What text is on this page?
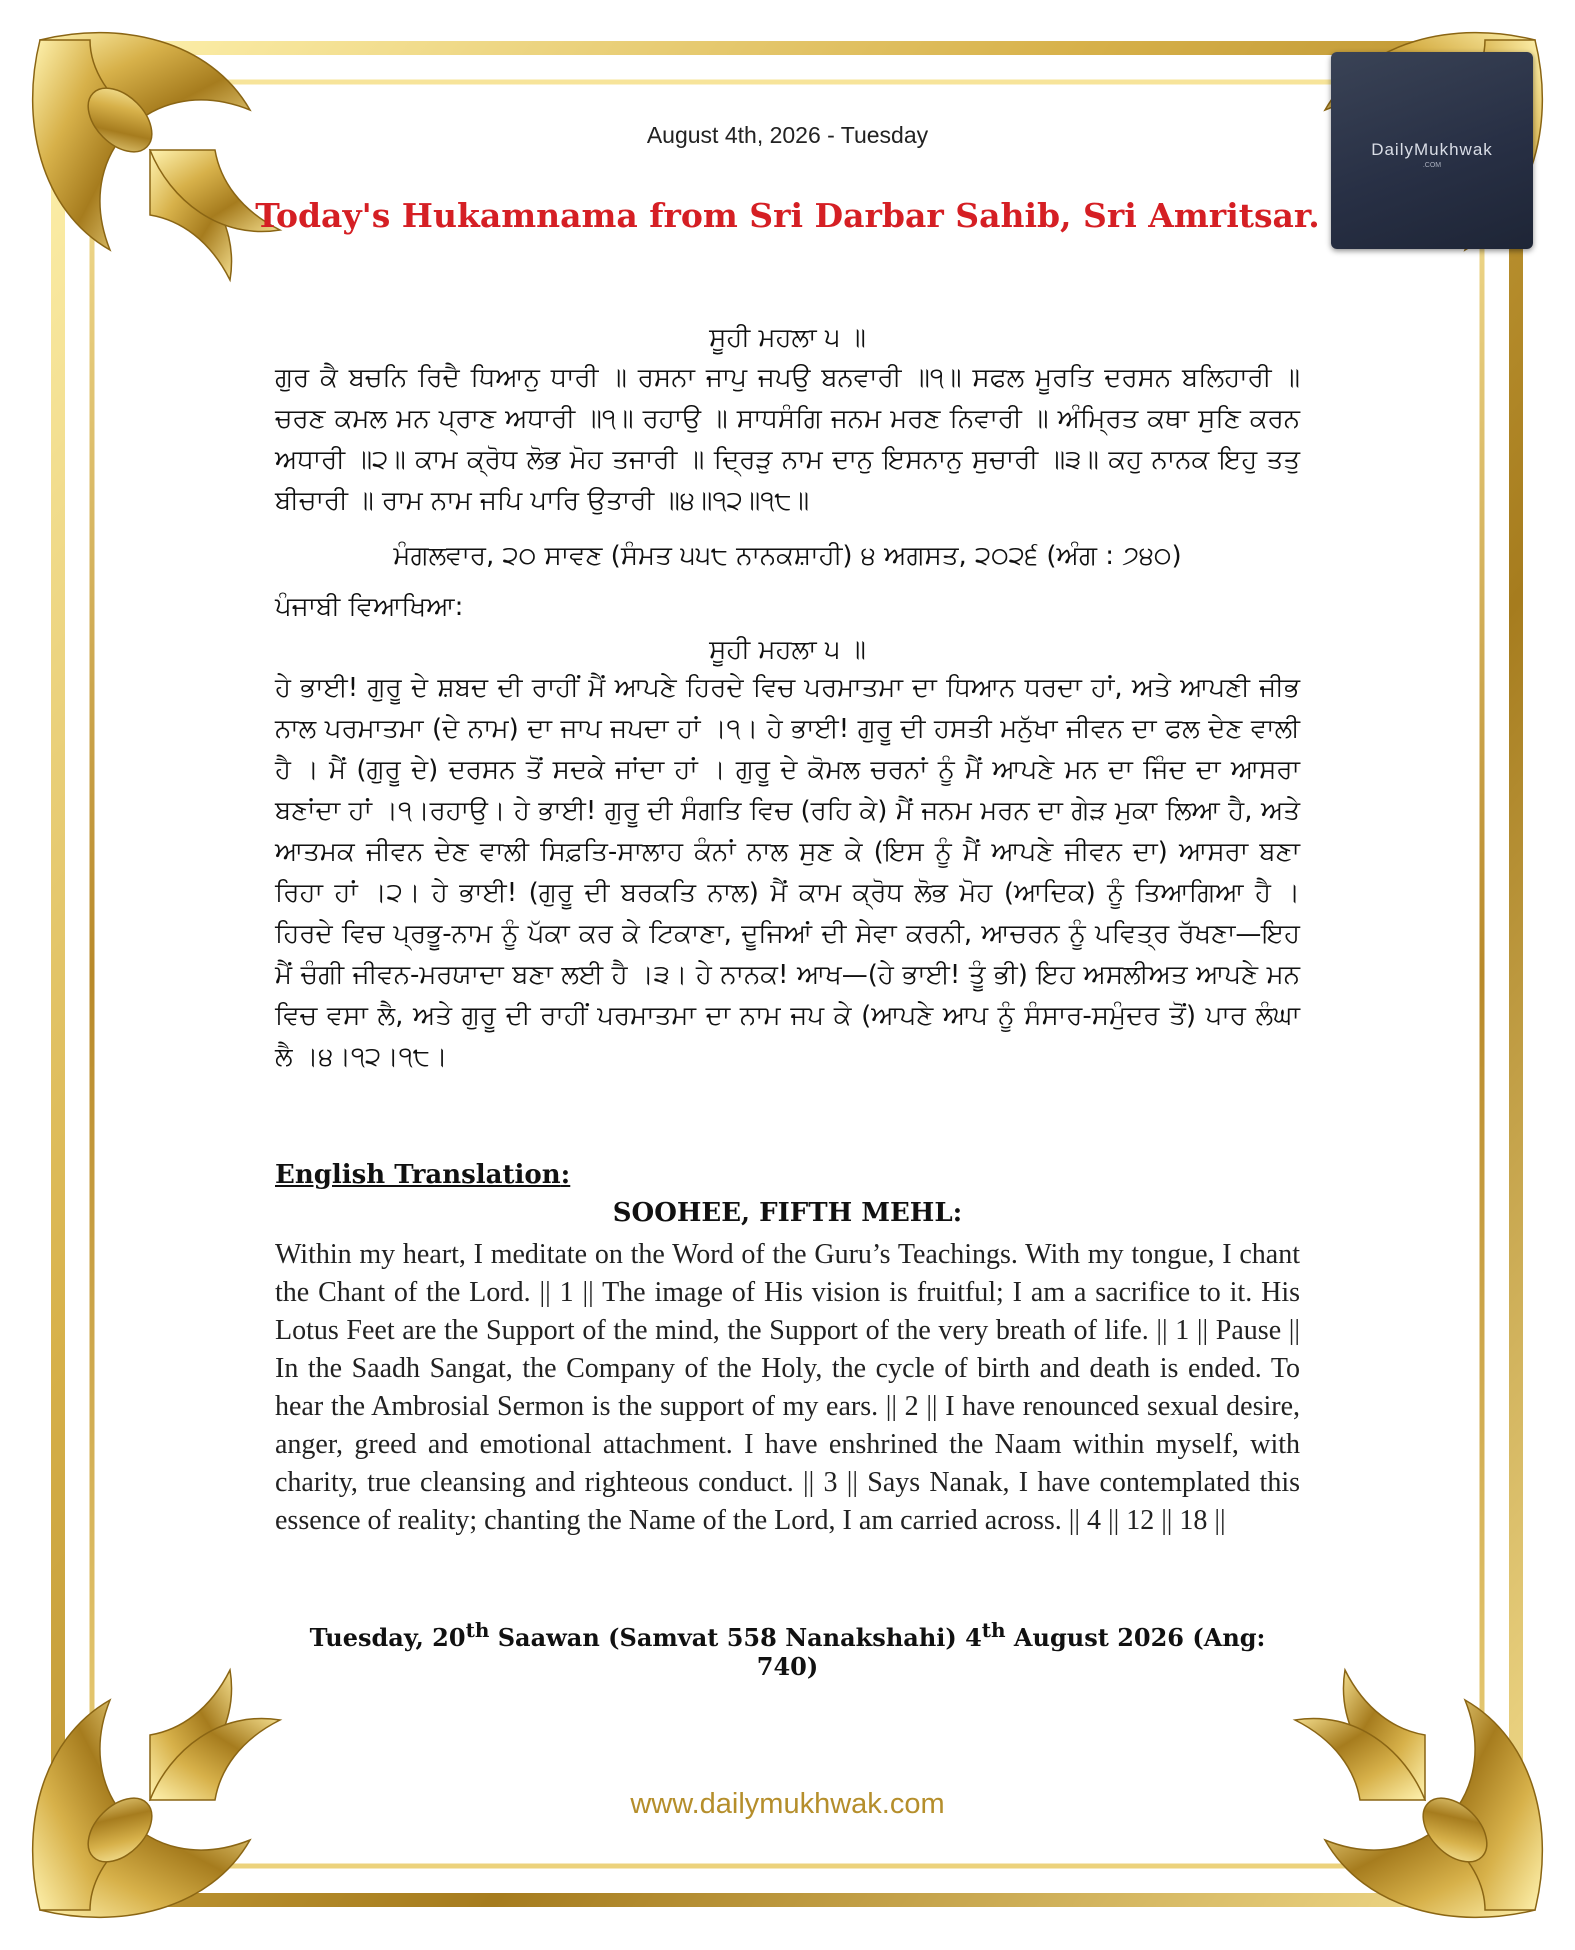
DailyMukhwak
.COM
August 4th, 2026 - Tuesday
Today's Hukamnama from Sri Darbar Sahib, Sri Amritsar.
ਸੂਹੀ ਮਹਲਾ ੫ ॥
ਗੁਰ ਕੈ ਬਚਨਿ ਰਿਦੈ ਧਿਆਨੁ ਧਾਰੀ ॥ ਰਸਨਾ ਜਾਪੁ ਜਪਉ ਬਨਵਾਰੀ ॥੧॥ ਸਫਲ ਮੂਰਤਿ ਦਰਸਨ ਬਲਿਹਾਰੀ ॥ ਚਰਣ ਕਮਲ ਮਨ ਪ੍ਰਾਣ ਅਧਾਰੀ ॥੧॥ ਰਹਾਉ ॥ ਸਾਧਸੰਗਿ ਜਨਮ ਮਰਣ ਨਿਵਾਰੀ ॥ ਅੰਮ੍ਰਿਤ ਕਥਾ ਸੁਣਿ ਕਰਨ ਅਧਾਰੀ ॥੨॥ ਕਾਮ ਕ੍ਰੋਧ ਲੋਭ ਮੋਹ ਤਜਾਰੀ ॥ ਦ੍ਰਿੜੁ ਨਾਮ ਦਾਨੁ ਇਸਨਾਨੁ ਸੁਚਾਰੀ ॥੩॥ ਕਹੁ ਨਾਨਕ ਇਹੁ ਤਤੁ ਬੀਚਾਰੀ ॥ ਰਾਮ ਨਾਮ ਜਪਿ ਪਾਰਿ ਉਤਾਰੀ ॥੪॥੧੨॥੧੮॥
ਮੰਗਲਵਾਰ, ੨੦ ਸਾਵਣ (ਸੰਮਤ ੫੫੮ ਨਾਨਕਸ਼ਾਹੀ) ੪ ਅਗਸਤ, ੨੦੨੬ (ਅੰਗ : ੭੪੦)
ਪੰਜਾਬੀ ਵਿਆਖਿਆ:
ਸੂਹੀ ਮਹਲਾ ੫ ॥
ਹੇ ਭਾਈ! ਗੁਰੂ ਦੇ ਸ਼ਬਦ ਦੀ ਰਾਹੀਂ ਮੈਂ ਆਪਣੇ ਹਿਰਦੇ ਵਿਚ ਪਰਮਾਤਮਾ ਦਾ ਧਿਆਨ ਧਰਦਾ ਹਾਂ, ਅਤੇ ਆਪਣੀ ਜੀਭ ਨਾਲ ਪਰਮਾਤਮਾ (ਦੇ ਨਾਮ) ਦਾ ਜਾਪ ਜਪਦਾ ਹਾਂ ।੧। ਹੇ ਭਾਈ! ਗੁਰੂ ਦੀ ਹਸਤੀ ਮਨੁੱਖਾ ਜੀਵਨ ਦਾ ਫਲ ਦੇਣ ਵਾਲੀ ਹੈ । ਮੈਂ (ਗੁਰੂ ਦੇ) ਦਰਸਨ ਤੋਂ ਸਦਕੇ ਜਾਂਦਾ ਹਾਂ । ਗੁਰੂ ਦੇ ਕੋਮਲ ਚਰਨਾਂ ਨੂੰ ਮੈਂ ਆਪਣੇ ਮਨ ਦਾ ਜਿੰਦ ਦਾ ਆਸਰਾ ਬਣਾਂਦਾ ਹਾਂ ।੧।ਰਹਾਉ। ਹੇ ਭਾਈ! ਗੁਰੂ ਦੀ ਸੰਗਤਿ ਵਿਚ (ਰਹਿ ਕੇ) ਮੈਂ ਜਨਮ ਮਰਨ ਦਾ ਗੇੜ ਮੁਕਾ ਲਿਆ ਹੈ, ਅਤੇ ਆਤਮਕ ਜੀਵਨ ਦੇਣ ਵਾਲੀ ਸਿਫ਼ਤਿ-ਸਾਲਾਹ ਕੰਨਾਂ ਨਾਲ ਸੁਣ ਕੇ (ਇਸ ਨੂੰ ਮੈਂ ਆਪਣੇ ਜੀਵਨ ਦਾ) ਆਸਰਾ ਬਣਾ ਰਿਹਾ ਹਾਂ ।੨। ਹੇ ਭਾਈ! (ਗੁਰੂ ਦੀ ਬਰਕਤਿ ਨਾਲ) ਮੈਂ ਕਾਮ ਕ੍ਰੋਧ ਲੋਭ ਮੋਹ (ਆਦਿਕ) ਨੂੰ ਤਿਆਗਿਆ ਹੈ । ਹਿਰਦੇ ਵਿਚ ਪ੍ਰਭੂ-ਨਾਮ ਨੂੰ ਪੱਕਾ ਕਰ ਕੇ ਟਿਕਾਣਾ, ਦੂਜਿਆਂ ਦੀ ਸੇਵਾ ਕਰਨੀ, ਆਚਰਨ ਨੂੰ ਪਵਿਤ੍ਰ ਰੱਖਣਾ—ਇਹ ਮੈਂ ਚੰਗੀ ਜੀਵਨ-ਮਰਯਾਦਾ ਬਣਾ ਲਈ ਹੈ ।੩। ਹੇ ਨਾਨਕ! ਆਖ—(ਹੇ ਭਾਈ! ਤੂੰ ਭੀ) ਇਹ ਅਸਲੀਅਤ ਆਪਣੇ ਮਨ ਵਿਚ ਵਸਾ ਲੈ, ਅਤੇ ਗੁਰੂ ਦੀ ਰਾਹੀਂ ਪਰਮਾਤਮਾ ਦਾ ਨਾਮ ਜਪ ਕੇ (ਆਪਣੇ ਆਪ ਨੂੰ ਸੰਸਾਰ-ਸਮੁੰਦਰ ਤੋਂ) ਪਾਰ ਲੰਘਾ ਲੈ ।੪।੧੨।੧੮।
English Translation:
SOOHEE, FIFTH MEHL:
Within my heart, I meditate on the Word of the Guru’s Teachings. With my tongue, I chant the Chant of the Lord. || 1 || The image of His vision is fruitful; I am a sacrifice to it. His Lotus Feet are the Support of the mind, the Support of the very breath of life. || 1 || Pause || In the Saadh Sangat, the Company of the Holy, the cycle of birth and death is ended. To hear the Ambrosial Sermon is the support of my ears. || 2 || I have renounced sexual desire, anger, greed and emotional attachment. I have enshrined the Naam within myself, with charity, true cleansing and righteous conduct. || 3 || Says Nanak, I have contemplated this essence of reality; chanting the Name of the Lord, I am carried across. || 4 || 12 || 18 ||
Tuesday, 20th Saawan (Samvat 558 Nanakshahi) 4th August 2026 (Ang: 740)
www.dailymukhwak.com
